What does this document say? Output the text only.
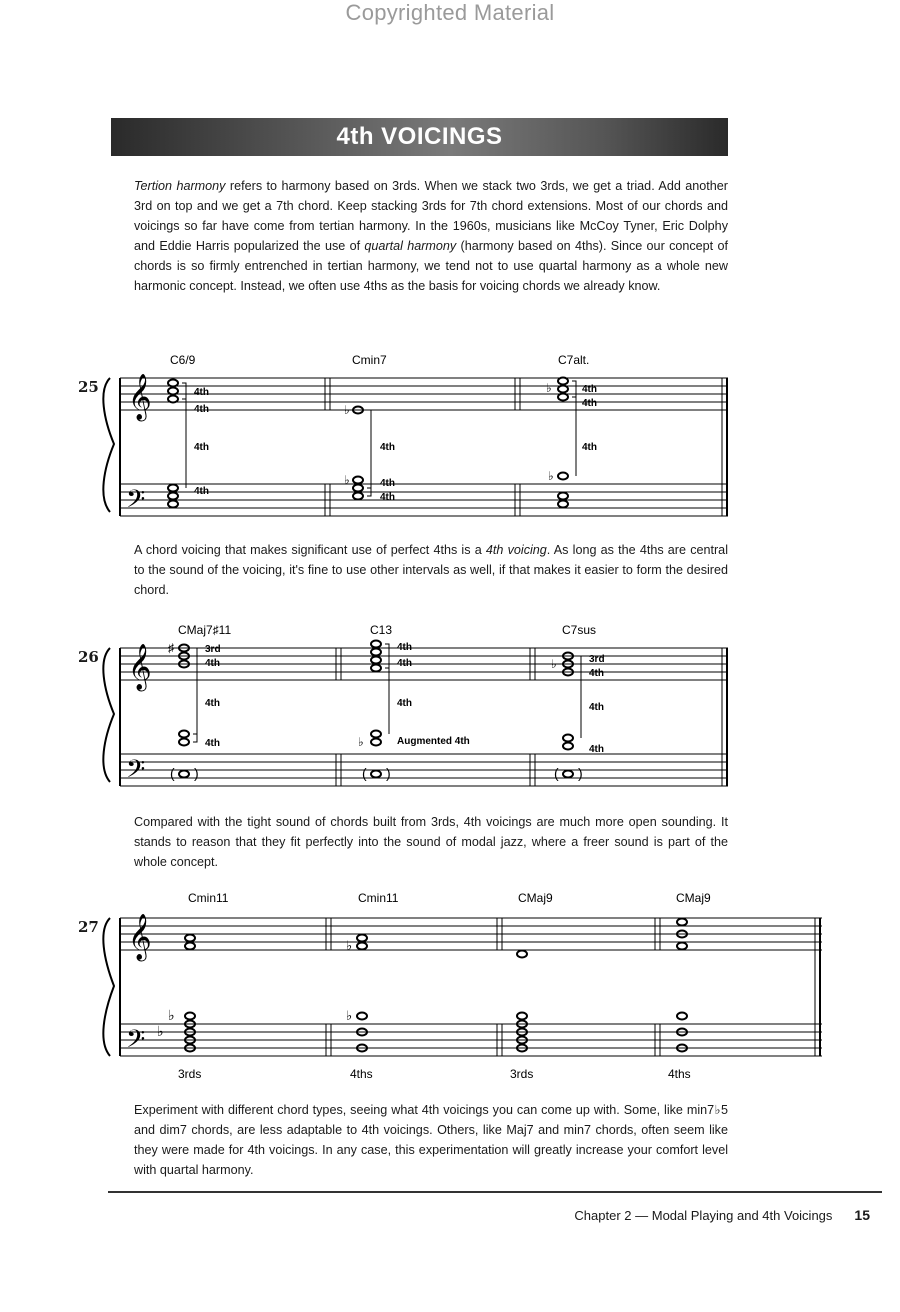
Copyrighted Material
4th VOICINGS

Tertion harmony refers to harmony based on 3rds. When we stack two 3rds, we get a triad. Add another 3rd on top and we get a 7th chord. Keep stacking 3rds for 7th chord extensions. Most of our chords and voicings so far have come from tertian harmony. In the 1960s, musicians like McCoy Tyner, Eric Dolphy and Eddie Harris popularized the use of quartal harmony (harmony based on 4ths). Since our concept of chords is so firmly entrenched in tertian harmony, we tend not to use quartal harmony as a whole new harmonic concept. Instead, we often use 4ths as the basis for voicing chords we already know.

25
C6/9	Cmin7	C7alt.
𝄞
𝄢
♭
♭
♭
♭
4th
4th
4th
4th
4th
4th
4th
4th
4th
4th

A chord voicing that makes significant use of perfect 4ths is a 4th voicing. As long as the 4ths are central to the sound of the voicing, it's fine to use other intervals as well, if that makes it easier to form the desired chord.

26
CMaj7♯11	C13	C7sus
𝄞
𝄢 ( )	( )	( )
♯
♭
♭
3rd
4th
4th
4th
4th
4th
4th
Augmented 4th
3rd
4th
4th
4th

Compared with the tight sound of chords built from 3rds, 4th voicings are much more open sounding. It stands to reason that they fit perfectly into the sound of modal jazz, where a freer sound is part of the whole concept.

27
Cmin11	Cmin11	CMaj9	CMaj9
𝄞
𝄢 ♭
♭
♭
♭
3rds	4ths	3rds	4ths

Experiment with different chord types, seeing what 4th voicings you can come up with. Some, like min7♭5 and dim7 chords, are less adaptable to 4th voicings. Others, like Maj7 and min7 chords, often seem like they were made for 4th voicings. In any case, this experimentation will greatly increase your comfort level with quartal harmony.

Chapter 2 — Modal Playing and 4th Voicings 15
